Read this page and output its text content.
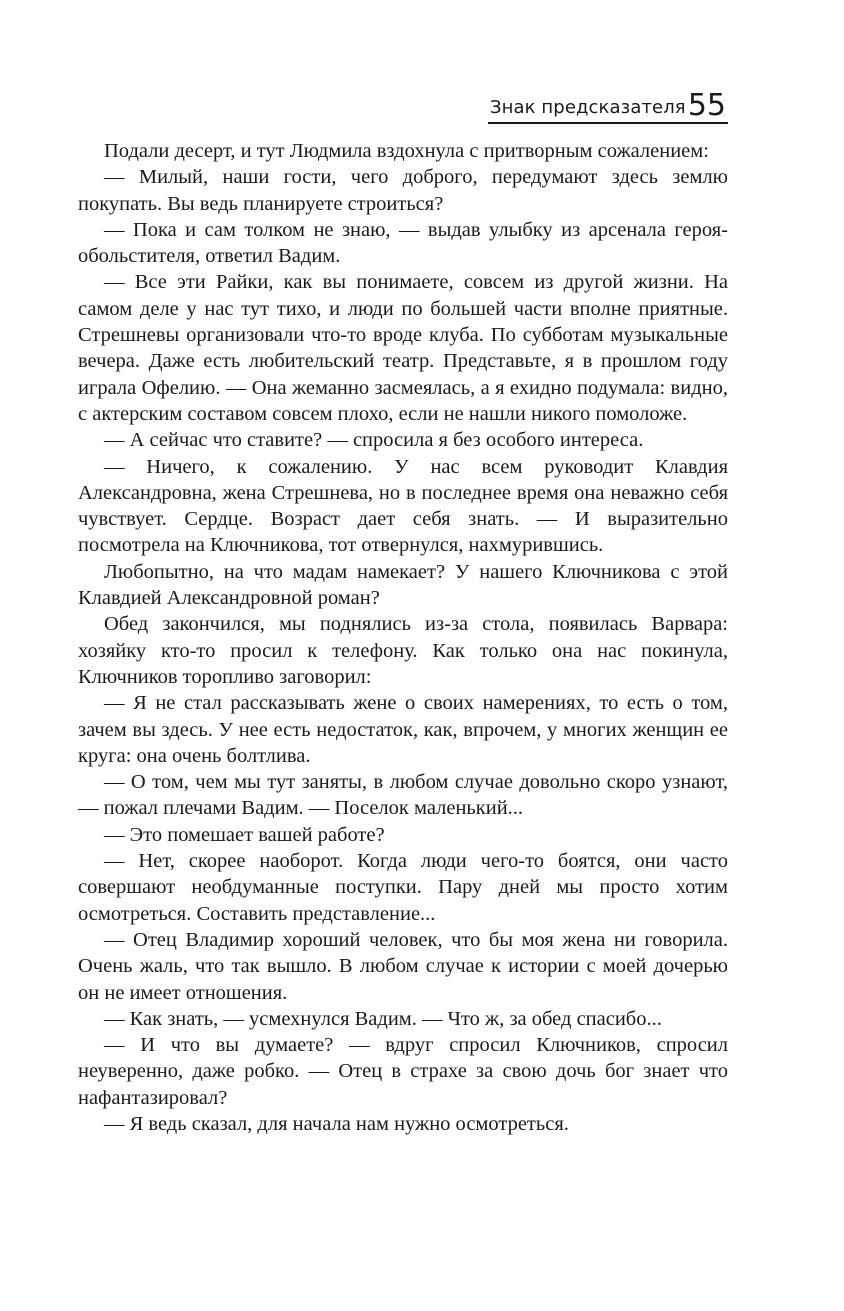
Знак предсказателя 55

Подали десерт, и тут Людмила вздохнула с притворным сожалением:

— Милый, наши гости, чего доброго, передумают здесь землю покупать. Вы ведь планируете строиться?

— Пока и сам толком не знаю, — выдав улыбку из арсенала героя-обольстителя, ответил Вадим.

— Все эти Райки, как вы понимаете, совсем из другой жизни. На самом деле у нас тут тихо, и люди по большей части вполне приятные. Стрешневы организовали что-то вроде клуба. По субботам музыкальные вечера. Даже есть любительский театр. Представьте, я в прошлом году играла Офелию. — Она жеманно засмеялась, а я ехидно подумала: видно, с актерским составом совсем плохо, если не нашли никого помоложе.

— А сейчас что ставите? — спросила я без особого интереса.

— Ничего, к сожалению. У нас всем руководит Клавдия Александровна, жена Стрешнева, но в последнее время она неважно себя чувствует. Сердце. Возраст дает себя знать. — И выразительно посмотрела на Ключникова, тот отвернулся, нахмурившись.

Любопытно, на что мадам намекает? У нашего Ключникова с этой Клавдией Александровной роман?

Обед закончился, мы поднялись из-за стола, появилась Варвара: хозяйку кто-то просил к телефону. Как только она нас покинула, Ключников торопливо заговорил:

— Я не стал рассказывать жене о своих намерениях, то есть о том, зачем вы здесь. У нее есть недостаток, как, впрочем, у многих женщин ее круга: она очень болтлива.

— О том, чем мы тут заняты, в любом случае довольно скоро узнают, — пожал плечами Вадим. — Поселок маленький...

— Это помешает вашей работе?

— Нет, скорее наоборот. Когда люди чего-то боятся, они часто совершают необдуманные поступки. Пару дней мы просто хотим осмотреться. Составить представление...

— Отец Владимир хороший человек, что бы моя жена ни говорила. Очень жаль, что так вышло. В любом случае к истории с моей дочерью он не имеет отношения.

— Как знать, — усмехнулся Вадим. — Что ж, за обед спасибо...

— И что вы думаете? — вдруг спросил Ключников, спросил неуверенно, даже робко. — Отец в страхе за свою дочь бог знает что нафантазировал?

— Я ведь сказал, для начала нам нужно осмотреться.
